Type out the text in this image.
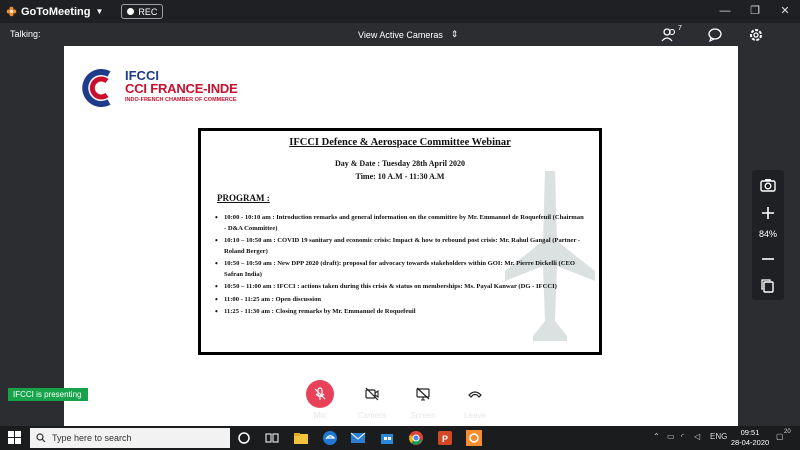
GoToMeeting ▼	REC	—	❐	✕
Talking:	View Active Cameras ⇕
7
IFCCI
CCI FRANCE-INDE
INDO-FRENCH CHAMBER OF COMMERCE
IFCCI Defence & Aerospace Committee Webinar
Day & Date : Tuesday 28th April 2020
Time: 10 A.M - 11:30 A.M
PROGRAM :
• 10:00 - 10:10 am : Introduction remarks and general information on the committee by Mr. Emmanuel de Roquefeuil (Chairman - D&A Committee)
• 10:10 – 10:50 am : COVID 19 sanitary and economic crisis: Impact & how to rebound post crisis: Mr. Rahul Gangal (Partner - Roland Berger)
• 10:50 – 10:50 am : New DPP 2020 (draft): proposal for advocacy towards stakeholders within GOI: Mr. Pierre Dickelli (CEO Safran India)
• 10:50 – 11:00 am : IFCCI : actions taken during this crisis & status on memberships: Ms. Payal Kanwar (DG - IFCCI)
• 11:00 - 11:25 am : Open discussion
• 11:25 - 11:30 am : Closing remarks by Mr. Emmanuel de Roquefeuil
84%
IFCCI is presenting
Mic	Camera	Screen	Leave
Type here to search	P	⌃ ▭ ◜ ◁ ENG	09:51
28-04-2020
▢ 20
